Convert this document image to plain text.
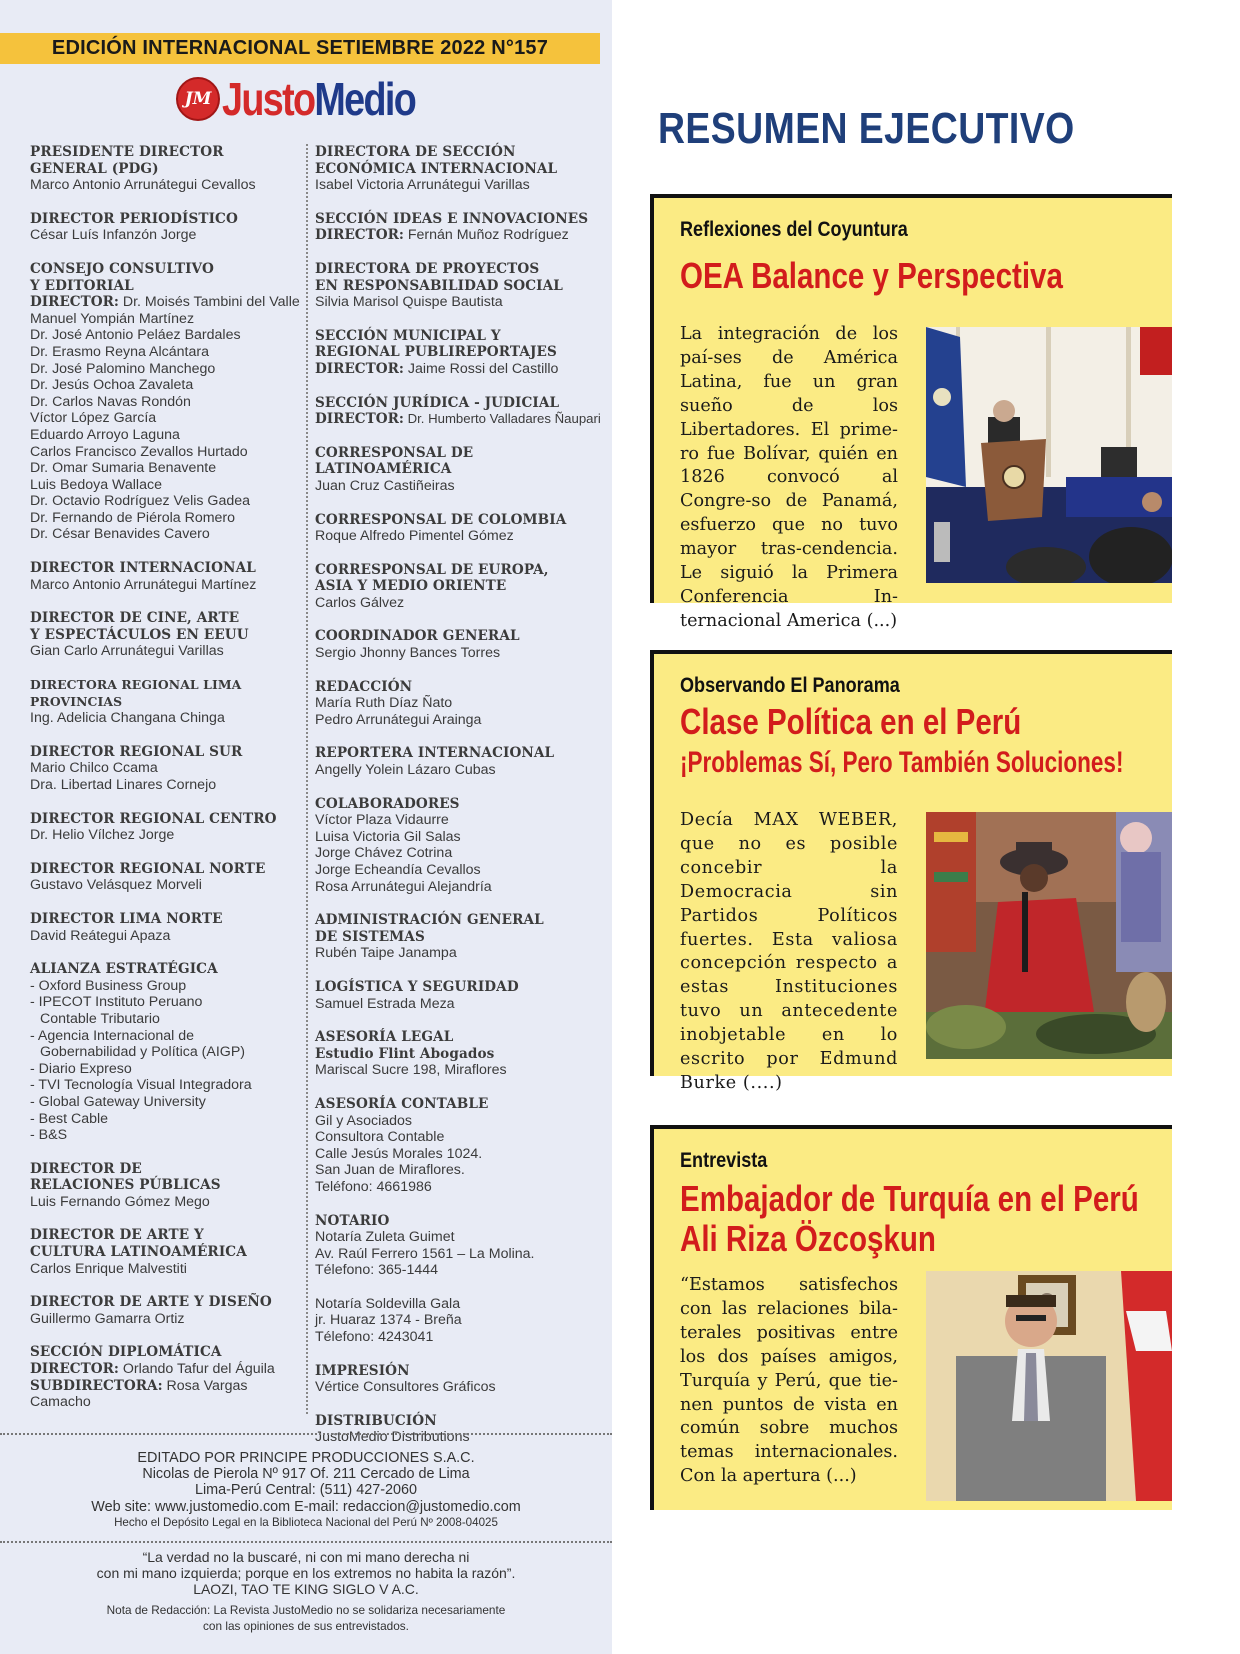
EDICIÓN INTERNACIONAL SETIEMBRE 2022 N°157
JM JustoMedio
PRESIDENTE DIRECTOR
GENERAL (PDG)
Marco Antonio Arrunátegui Cevallos
DIRECTOR PERIODÍSTICO
César Luís Infanzón Jorge
CONSEJO CONSULTIVO
Y EDITORIAL
DIRECTOR: Dr. Moisés Tambini del Valle
Manuel Yompián Martínez
Dr. José Antonio Peláez Bardales
Dr. Erasmo Reyna Alcántara
Dr. José Palomino Manchego
Dr. Jesús Ochoa Zavaleta
Dr. Carlos Navas Rondón
Víctor López García
Eduardo Arroyo Laguna
Carlos Francisco Zevallos Hurtado
Dr. Omar Sumaria Benavente
Luis Bedoya Wallace
Dr. Octavio Rodríguez Velis Gadea
Dr. Fernando de Piérola Romero
Dr. César Benavides Cavero
DIRECTOR INTERNACIONAL
Marco Antonio Arrunátegui Martínez
DIRECTOR DE CINE, ARTE
Y ESPECTÁCULOS EN EEUU
Gian Carlo Arrunátegui Varillas
DIRECTORA REGIONAL LIMA PROVINCIAS
Ing. Adelicia Changana Chinga
DIRECTOR REGIONAL SUR
Mario Chilco Ccama
Dra. Libertad Linares Cornejo
DIRECTOR REGIONAL CENTRO
Dr. Helio Vílchez Jorge
DIRECTOR REGIONAL NORTE
Gustavo Velásquez Morveli
DIRECTOR LIMA NORTE
David Reátegui Apaza
ALIANZA ESTRATÉGICA
- Oxford Business Group
- IPECOT Instituto Peruano
Contable Tributario
- Agencia Internacional de
Gobernabilidad y Política (AIGP)
- Diario Expreso
- TVI Tecnología Visual Integradora
- Global Gateway University
- Best Cable
- B&S
DIRECTOR DE
RELACIONES PÚBLICAS
Luis Fernando Gómez Mego
DIRECTOR DE ARTE Y
CULTURA LATINOAMÉRICA
Carlos Enrique Malvestiti
DIRECTOR DE ARTE Y DISEÑO
Guillermo Gamarra Ortiz
SECCIÓN DIPLOMÁTICA
DIRECTOR: Orlando Tafur del Águila
SUBDIRECTORA: Rosa Vargas Camacho
DIRECTORA DE SECCIÓN
ECONÓMICA INTERNACIONAL
Isabel Victoria Arrunátegui Varillas
SECCIÓN IDEAS E INNOVACIONES
DIRECTOR: Fernán Muñoz Rodríguez
DIRECTORA DE PROYECTOS
EN RESPONSABILIDAD SOCIAL
Silvia Marisol Quispe Bautista
SECCIÓN MUNICIPAL Y
REGIONAL PUBLIREPORTAJES
DIRECTOR: Jaime Rossi del Castillo
SECCIÓN JURÍDICA - JUDICIAL
DIRECTOR: Dr. Humberto Valladares Ñaupari
CORRESPONSAL DE LATINOAMÉRICA
Juan Cruz Castiñeiras
CORRESPONSAL DE COLOMBIA
Roque Alfredo Pimentel Gómez
CORRESPONSAL DE EUROPA,
ASIA Y MEDIO ORIENTE
Carlos Gálvez
COORDINADOR GENERAL
Sergio Jhonny Bances Torres
REDACCIÓN
María Ruth Díaz Ñato
Pedro Arrunátegui Arainga
REPORTERA INTERNACIONAL
Angelly Yolein Lázaro Cubas
COLABORADORES
Víctor Plaza Vidaurre
Luisa Victoria Gil Salas
Jorge Chávez Cotrina
Jorge Echeandía Cevallos
Rosa Arrunátegui Alejandría
ADMINISTRACIÓN GENERAL
DE SISTEMAS
Rubén Taipe Janampa
LOGÍSTICA Y SEGURIDAD
Samuel Estrada Meza
ASESORÍA LEGAL
Estudio Flint Abogados
Mariscal Sucre 198, Miraflores
ASESORÍA CONTABLE
Gil y Asociados
Consultora Contable
Calle Jesús Morales 1024.
San Juan de Miraflores.
Teléfono: 4661986
NOTARIO
Notaría Zuleta Guimet
Av. Raúl Ferrero 1561 – La Molina.
Télefono: 365-1444
Notaría Soldevilla Gala
jr. Huaraz 1374 - Breña
Télefono: 4243041
IMPRESIÓN
Vértice Consultores Gráficos
DISTRIBUCIÓN
JustoMedio Distributions
EDITADO POR PRINCIPE PRODUCCIONES S.A.C.
Nicolas de Pierola Nº 917 Of. 211 Cercado de Lima
Lima-Perú Central: (511) 427-2060
Web site: www.justomedio.com E-mail: redaccion@justomedio.com
Hecho el Depósito Legal en la Biblioteca Nacional del Perú Nº 2008-04025
“La verdad no la buscaré, ni con mi mano derecha ni
con mi mano izquierda; porque en los extremos no habita la razón”.
LAOZI, TAO TE KING SIGLO V A.C.
Nota de Redacción: La Revista JustoMedio no se solidariza necesariamente
con las opiniones de sus entrevistados.
RESUMEN EJECUTIVO
Reflexiones del Coyuntura
OEA Balance y Perspectiva
La integración de los paí-ses de América Latina, fue un gran sueño de los Libertadores. El prime-ro fue Bolívar, quién en 1826 convocó al Congre-so de Panamá, esfuerzo que no tuvo mayor tras-cendencia. Le siguió la Primera Conferencia In-ternacional America (...)
Observando El Panorama
Clase Política en el Perú
¡Problemas Sí, Pero También Soluciones!
Decía MAX WEBER, que no es posible concebir la Democracia sin Partidos Políticos fuertes. Esta valiosa concepción respecto a estas Instituciones tuvo un antecedente inobjetable en lo escrito por Edmund Burke (....)
Entrevista
Embajador de Turquía en el Perú
Ali Riza Özcoşkun
“Estamos satisfechos con las relaciones bila-terales positivas entre los dos países amigos, Turquía y Perú, que tie-nen puntos de vista en común sobre muchos temas internacionales. Con la apertura (...)
